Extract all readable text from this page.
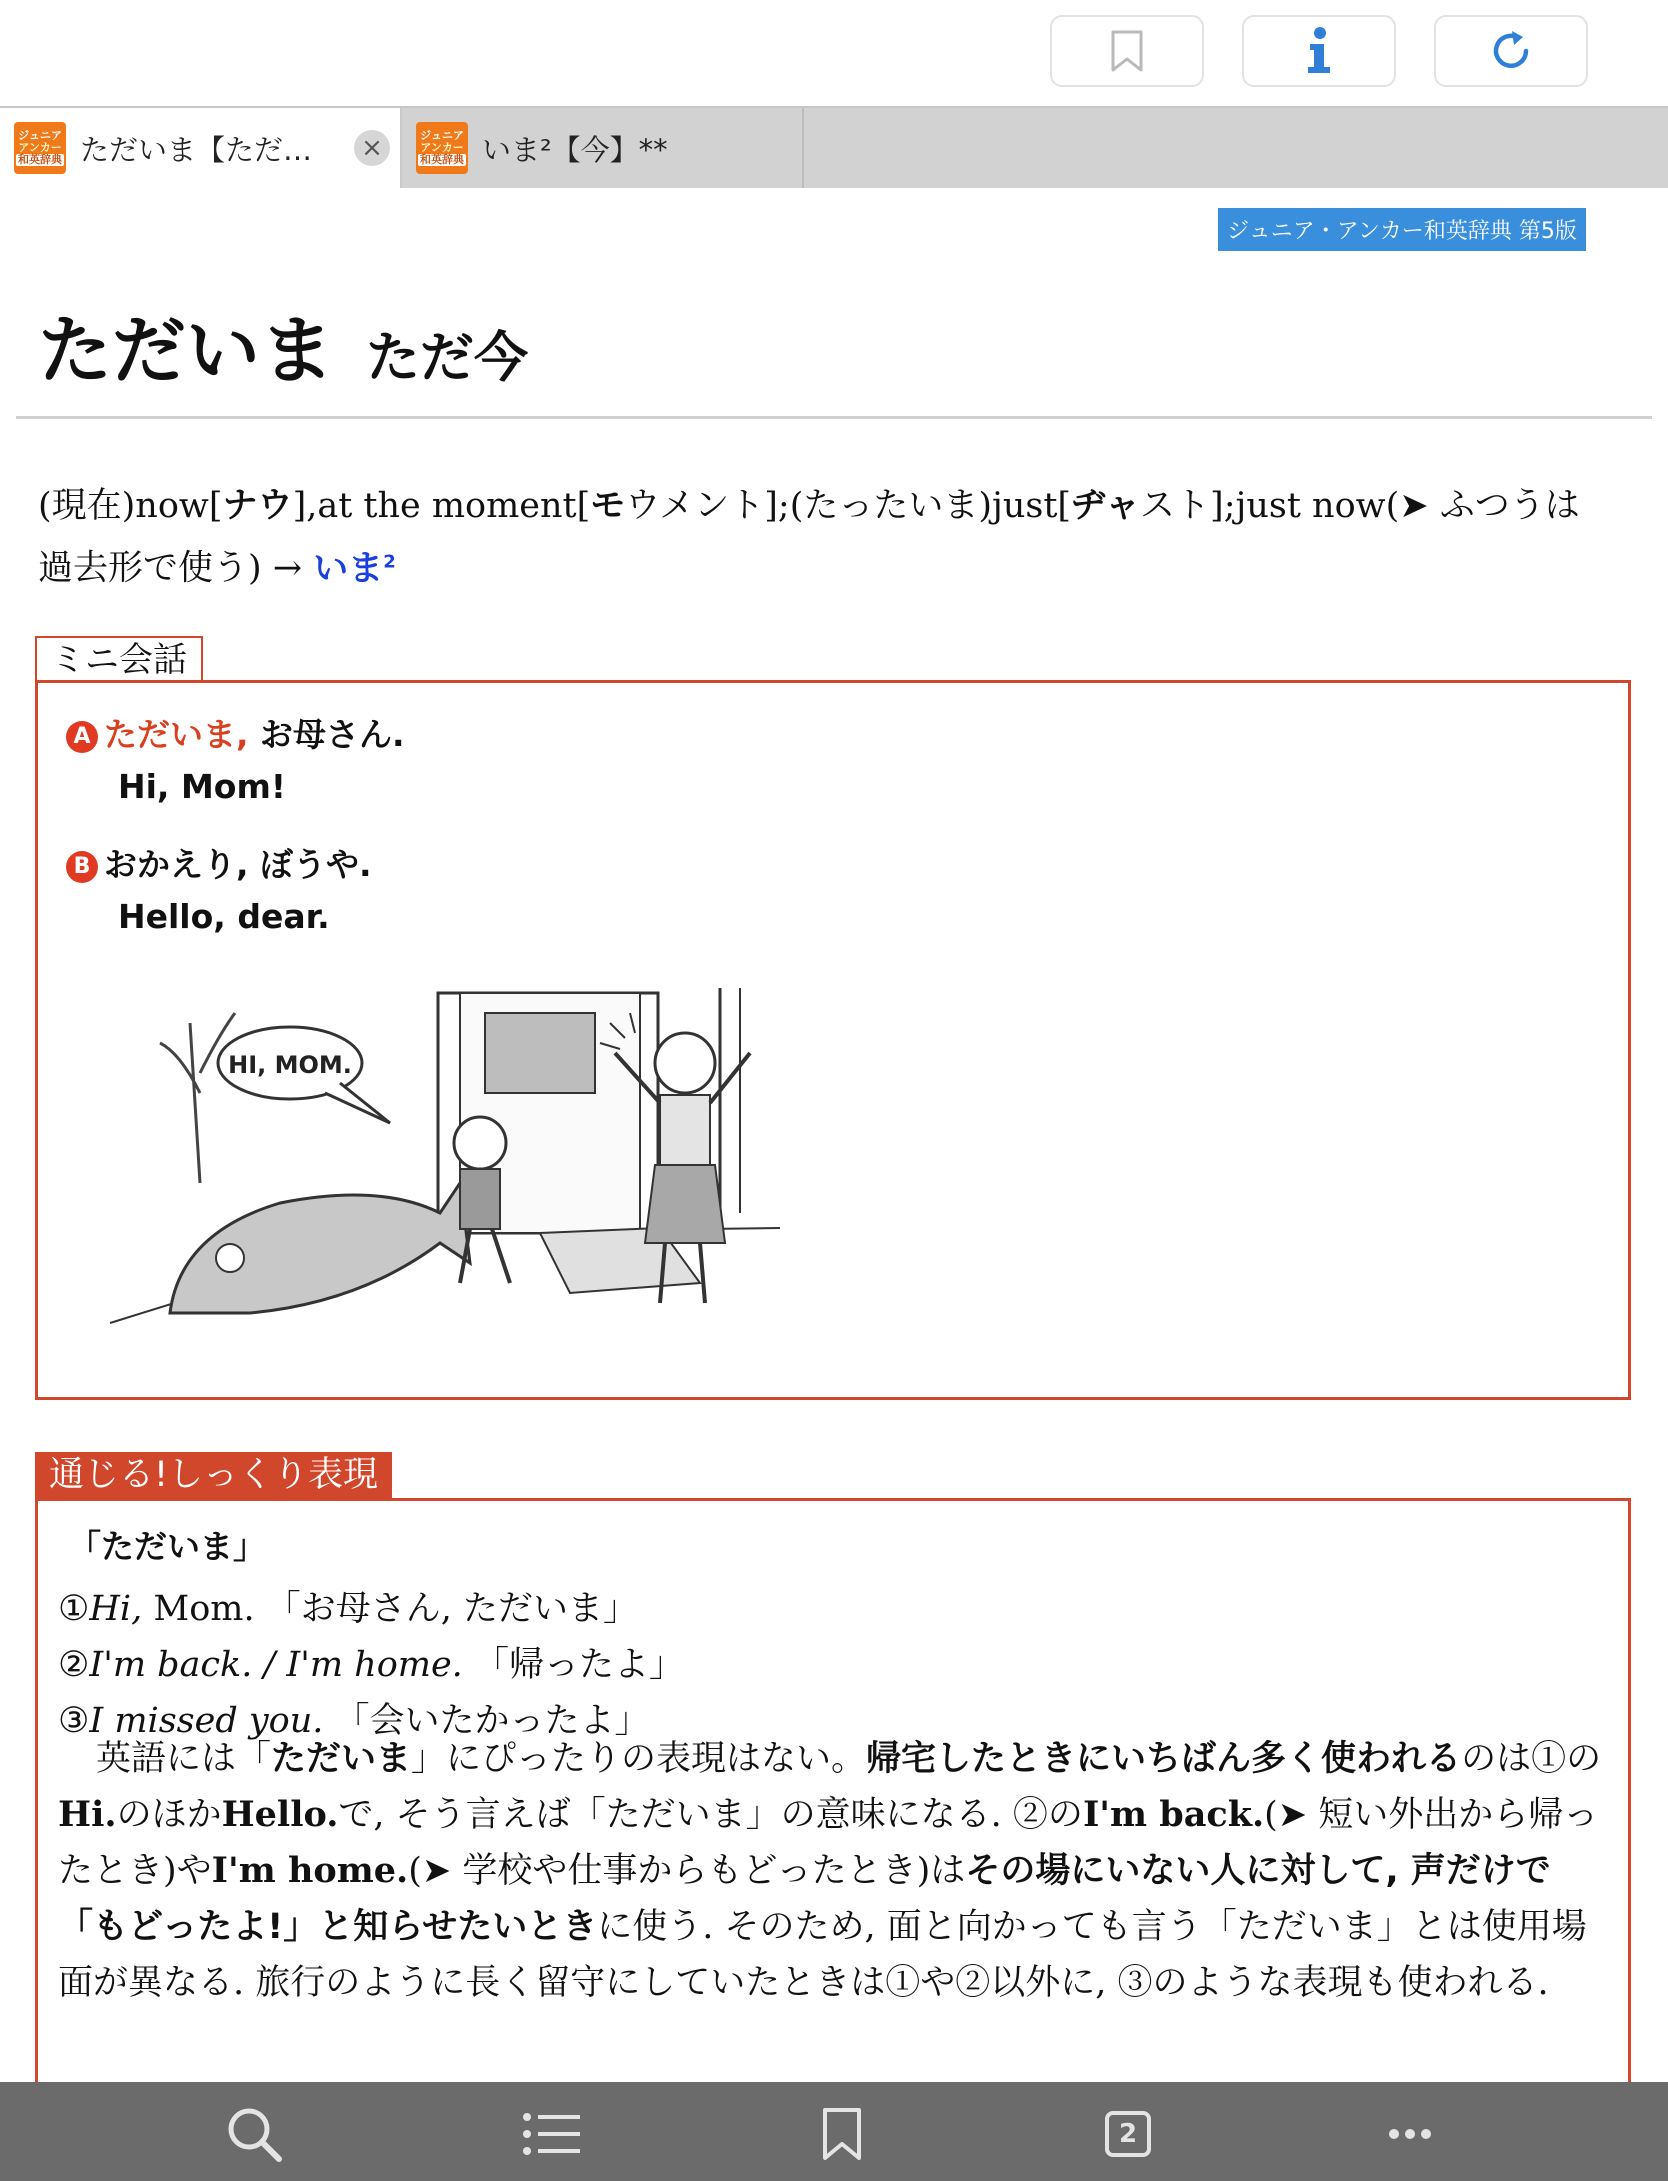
ジュニア
アンカー
和英辞典 ただいま【ただ…	×	ジュニア
アンカー
和英辞典 いま²【今】**
ジュニア・アンカー和英辞典 第5版
ただいま ただ今
(現在)now[ナウ],at the moment[モウメント];(たったいま)just[ヂャスト];just now(➤ ふつうは過去形で使う) → いま$^2$
ミニ会話
A ただいま, お母さん.
Hi, Mom!
B おかえり, ぼうや.
Hello, dear.
HI, MOM.
通じる!しっくり表現
「ただいま」
①Hi, Mom. 「お母さん, ただいま」
②I'm back. / I'm home. 「帰ったよ」
③I missed you. 「会いたかったよ」
英語には「ただいま」にぴったりの表現はない。帰宅したときにいちばん多く使われるのは①のHi.のほかHello.で, そう言えば「ただいま」の意味になる. ②のI'm back.(➤ 短い外出から帰ったとき)やI'm home.(➤ 学校や仕事からもどったとき)はその場にいない人に対して, 声だけで「もどったよ!」と知らせたいときに使う. そのため, 面と向かっても言う「ただいま」とは使用場面が異なる. 旅行のように長く留守にしていたときは①や②以外に, ③のような表現も使われる.
2
